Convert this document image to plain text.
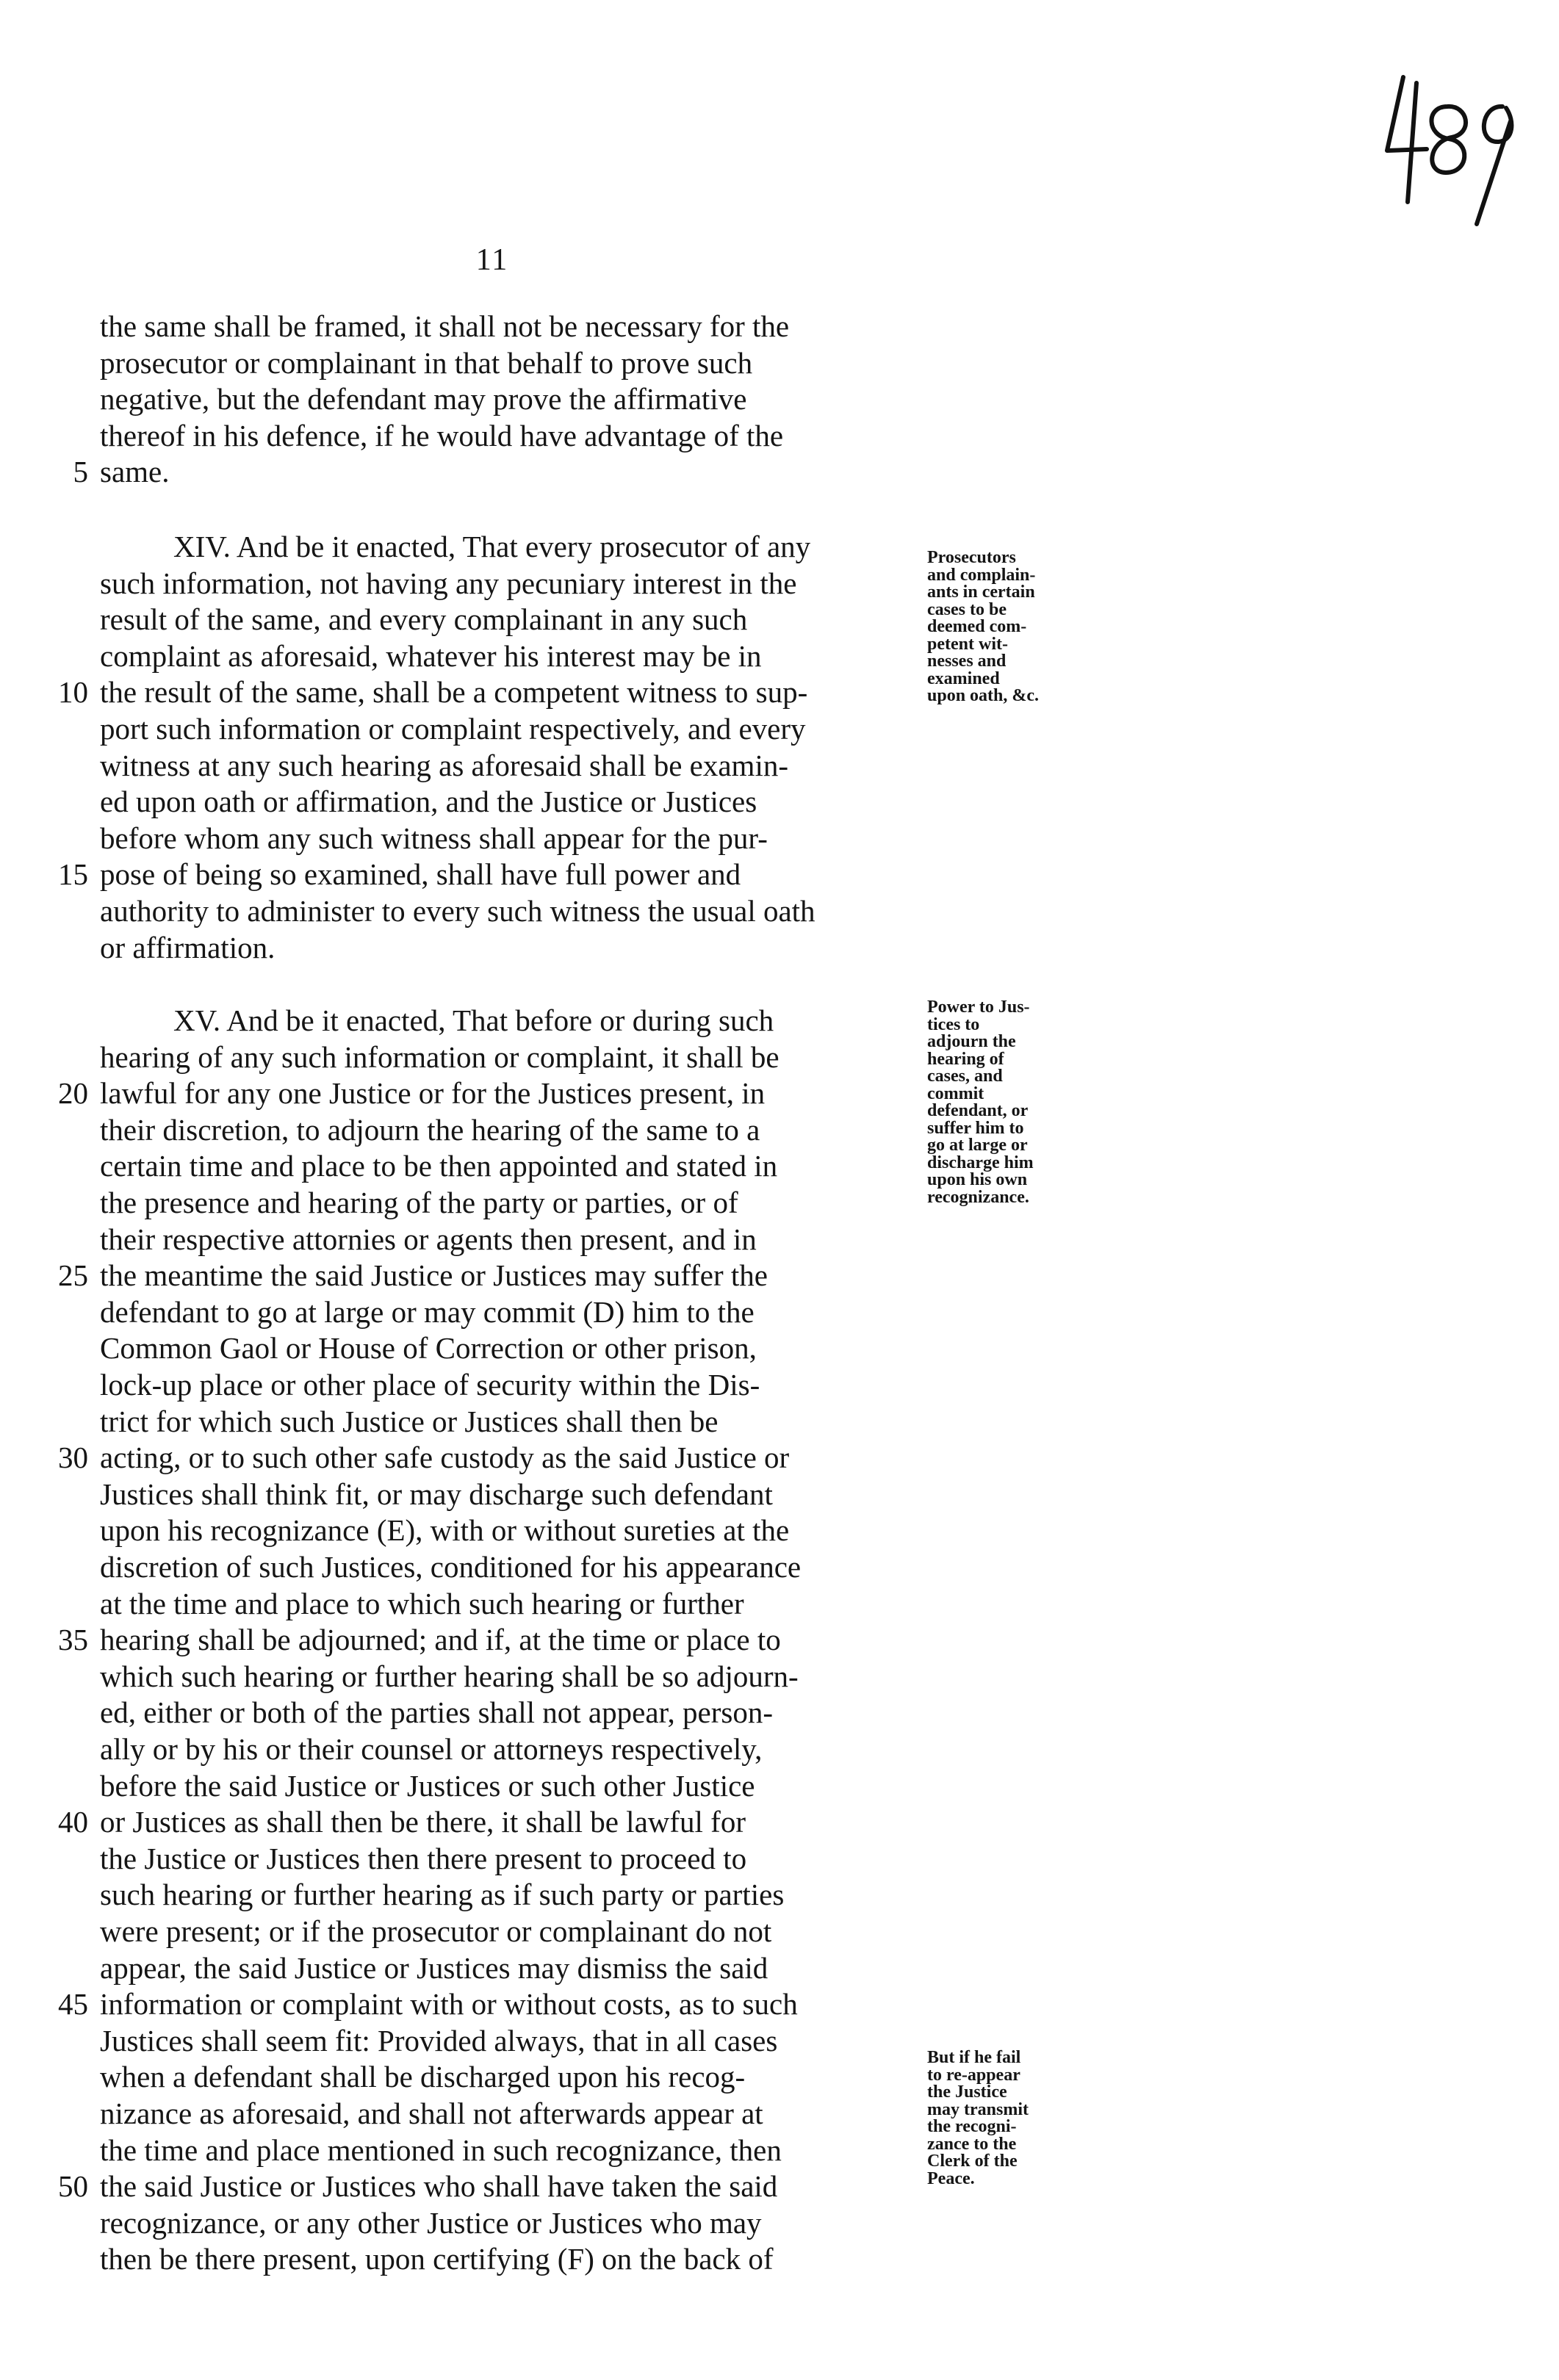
11
the same shall be framed, it shall not be necessary for the
prosecutor or complainant in that behalf to prove such
negative, but the defendant may prove the affirmative
thereof in his defence, if he would have advantage of the
5 same.
XIV. And be it enacted, That every prosecutor of any
such information, not having any pecuniary interest in the
result of the same, and every complainant in any such
complaint as aforesaid, whatever his interest may be in
10 the result of the same, shall be a competent witness to sup-
port such information or complaint respectively, and every
witness at any such hearing as aforesaid shall be examin-
ed upon oath or affirmation, and the Justice or Justices
before whom any such witness shall appear for the pur-
15 pose of being so examined, shall have full power and
authority to administer to every such witness the usual oath
or affirmation.
XV. And be it enacted, That before or during such
hearing of any such information or complaint, it shall be
20 lawful for any one Justice or for the Justices present, in
their discretion, to adjourn the hearing of the same to a
certain time and place to be then appointed and stated in
the presence and hearing of the party or parties, or of
their respective attornies or agents then present, and in
25 the meantime the said Justice or Justices may suffer the
defendant to go at large or may commit (D) him to the
Common Gaol or House of Correction or other prison,
lock-up place or other place of security within the Dis-
trict for which such Justice or Justices shall then be
30 acting, or to such other safe custody as the said Justice or
Justices shall think fit, or may discharge such defendant
upon his recognizance (E), with or without sureties at the
discretion of such Justices, conditioned for his appearance
at the time and place to which such hearing or further
35 hearing shall be adjourned; and if, at the time or place to
which such hearing or further hearing shall be so adjourn-
ed, either or both of the parties shall not appear, person-
ally or by his or their counsel or attorneys respectively,
before the said Justice or Justices or such other Justice
40 or Justices as shall then be there, it shall be lawful for
the Justice or Justices then there present to proceed to
such hearing or further hearing as if such party or parties
were present; or if the prosecutor or complainant do not
appear, the said Justice or Justices may dismiss the said
45 information or complaint with or without costs, as to such
Justices shall seem fit: Provided always, that in all cases
when a defendant shall be discharged upon his recog-
nizance as aforesaid, and shall not afterwards appear at
the time and place mentioned in such recognizance, then
50 the said Justice or Justices who shall have taken the said
recognizance, or any other Justice or Justices who may
then be there present, upon certifying (F) on the back of
Prosecutors
and complain-
ants in certain
cases to be
deemed com-
petent wit-
nesses and
examined
upon oath, &c.
Power to Jus-
tices to
adjourn the
hearing of
cases, and
commit
defendant, or
suffer him to
go at large or
discharge him
upon his own
recognizance.
But if he fail
to re-appear
the Justice
may transmit
the recogni-
zance to the
Clerk of the
Peace.
